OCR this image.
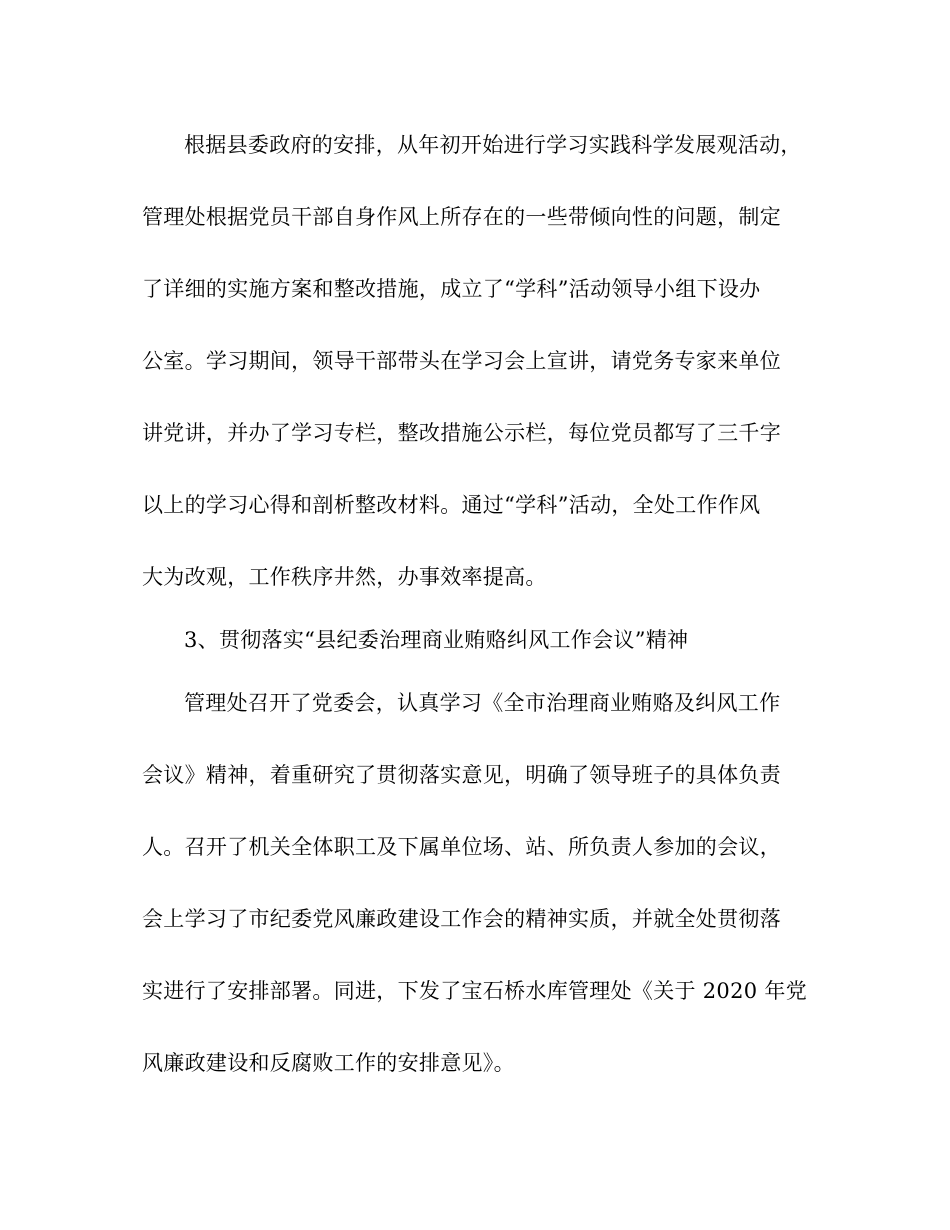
根据县委政府的安排，从年初开始进行学习实践科学发展观活动，
管理处根据党员干部自身作风上所存在的一些带倾向性的问题，制定
了详细的实施方案和整改措施，成立了“学科”活动领导小组下设办
公室。学习期间，领导干部带头在学习会上宣讲，请党务专家来单位
讲党讲，并办了学习专栏，整改措施公示栏，每位党员都写了三千字
以上的学习心得和剖析整改材料。通过“学科”活动，全处工作作风
大为改观，工作秩序井然，办事效率提高。
3、贯彻落实“县纪委治理商业贿赂纠风工作会议”精神
管理处召开了党委会，认真学习《全市治理商业贿赂及纠风工作
会议》精神，着重研究了贯彻落实意见，明确了领导班子的具体负责
人。召开了机关全体职工及下属单位场、站、所负责人参加的会议，
会上学习了市纪委党风廉政建设工作会的精神实质，并就全处贯彻落
实进行了安排部署。同进，下发了宝石桥水库管理处《关于 2020 年党
风廉政建设和反腐败工作的安排意见》。
